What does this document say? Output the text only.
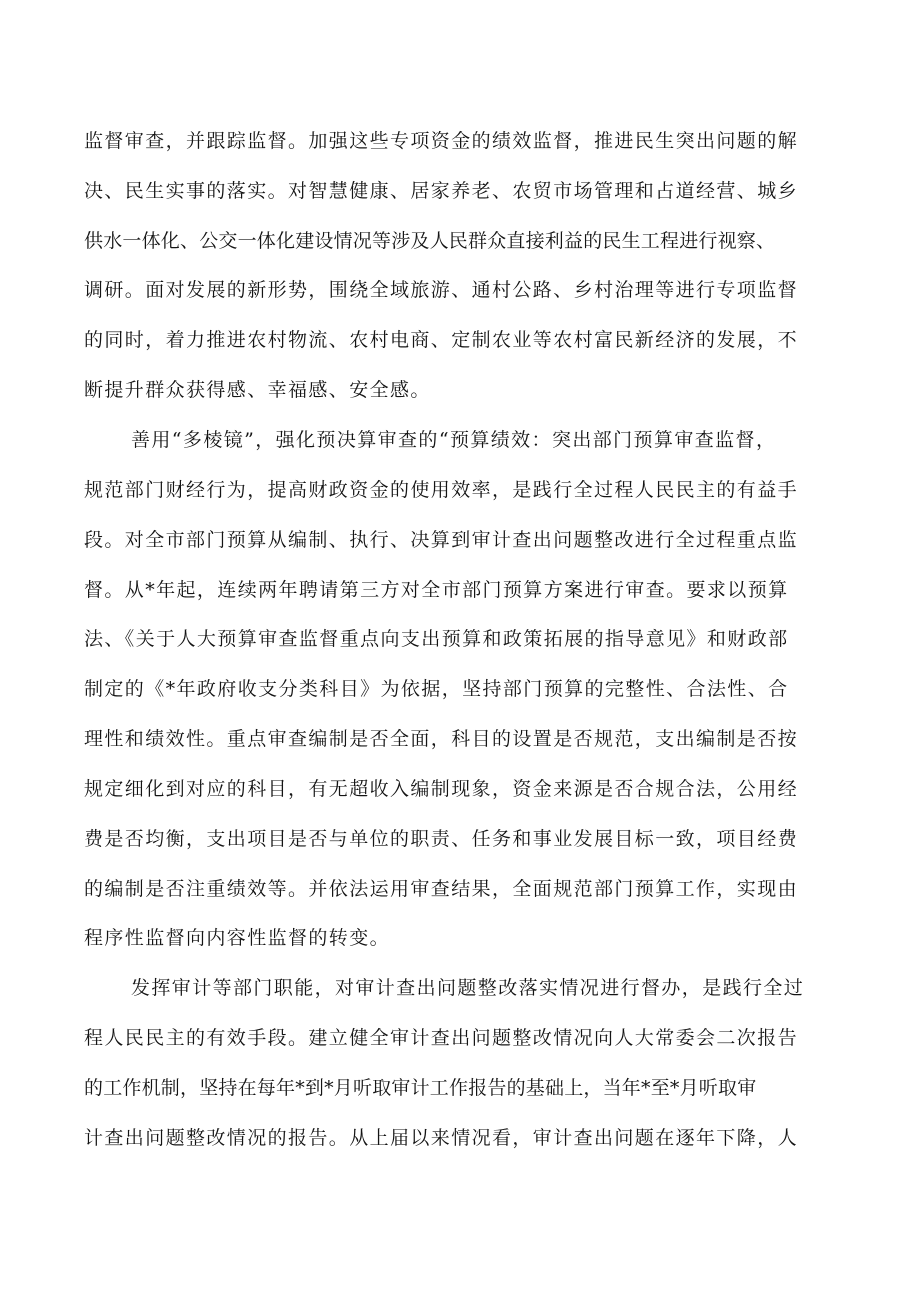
监督审查，并跟踪监督。加强这些专项资金的绩效监督，推进民生突出问题的解
决、民生实事的落实。对智慧健康、居家养老、农贸市场管理和占道经营、城乡
供水一体化、公交一体化建设情况等涉及人民群众直接利益的民生工程进行视察、
调研。面对发展的新形势，围绕全域旅游、通村公路、乡村治理等进行专项监督
的同时，着力推进农村物流、农村电商、定制农业等农村富民新经济的发展，不
断提升群众获得感、幸福感、安全感。
善用“多棱镜”，强化预决算审查的“预算绩效：突出部门预算审查监督，
规范部门财经行为，提高财政资金的使用效率，是践行全过程人民民主的有益手
段。对全市部门预算从编制、执行、决算到审计查出问题整改进行全过程重点监
督。从*年起，连续两年聘请第三方对全市部门预算方案进行审查。要求以预算
法、《关于人大预算审查监督重点向支出预算和政策拓展的指导意见》和财政部
制定的《*年政府收支分类科目》为依据，坚持部门预算的完整性、合法性、合
理性和绩效性。重点审查编制是否全面，科目的设置是否规范，支出编制是否按
规定细化到对应的科目，有无超收入编制现象，资金来源是否合规合法，公用经
费是否均衡，支出项目是否与单位的职责、任务和事业发展目标一致，项目经费
的编制是否注重绩效等。并依法运用审查结果，全面规范部门预算工作，实现由
程序性监督向内容性监督的转变。
发挥审计等部门职能，对审计查出问题整改落实情况进行督办，是践行全过
程人民民主的有效手段。建立健全审计查出问题整改情况向人大常委会二次报告
的工作机制，坚持在每年*到*月听取审计工作报告的基础上，当年*至*月听取审
计查出问题整改情况的报告。从上届以来情况看，审计查出问题在逐年下降，人
